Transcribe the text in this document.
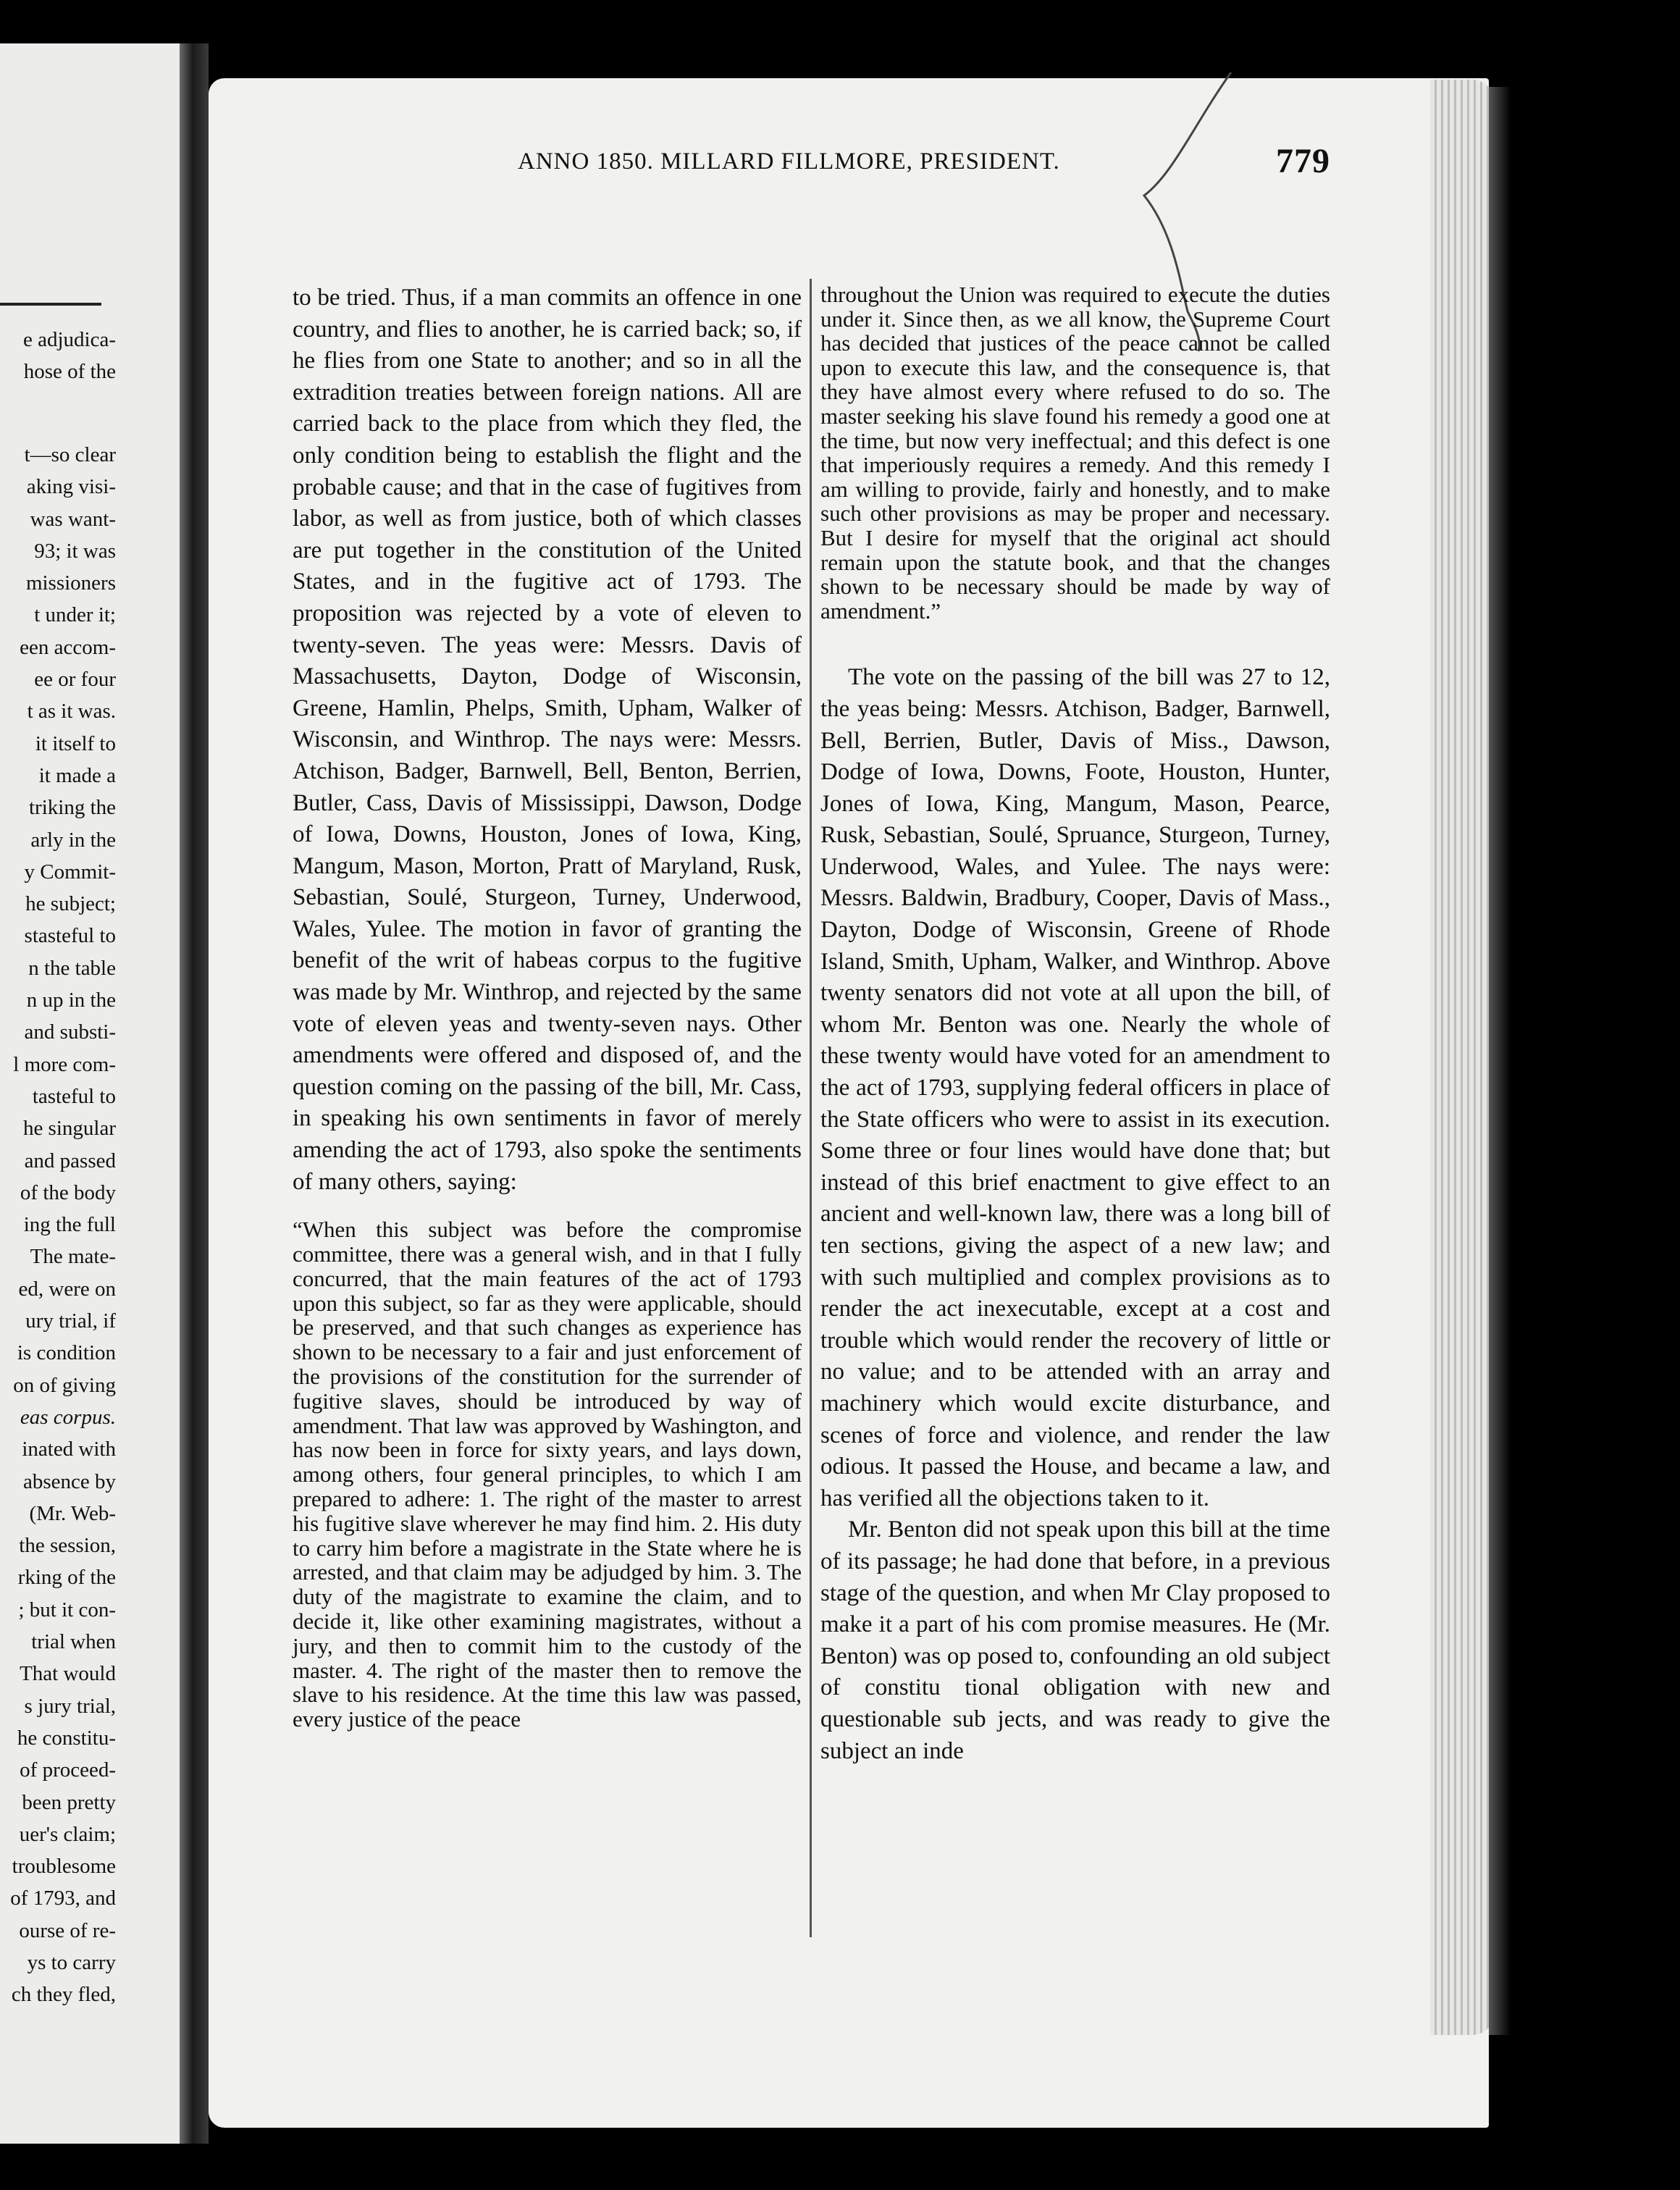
e adjudica-
hose of the
t—so clear
aking visi-
was want-
93; it was
missioners
t under it;
een accom-
ee or four
t as it was.
it itself to
it made a
triking the
arly in the
y Commit-
he subject;
stasteful to
n the table
n up in the
and substi-
l more com-
tasteful to
he singular
and passed
of the body
ing the full
The mate-
ed, were on
ury trial, if
is condition
on of giving
eas corpus.
inated with
absence by
(Mr. Web-
the session,
rking of the
; but it con-
trial when
That would
s jury trial,
he constitu-
of proceed-
been pretty
uer's claim;
troublesome
of 1793, and
ourse of re-
ys to carry
ch they fled,
ANNO 1850. MILLARD FILLMORE, PRESIDENT.	779

to be tried. Thus, if a man commits an offence in one country, and flies to another, he is carried back; so, if he flies from one State to another; and so in all the extradition treaties between foreign nations. All are carried back to the place from which they fled, the only condition being to establish the flight and the probable cause; and that in the case of fugitives from labor, as well as from justice, both of which classes are put together in the constitution of the United States, and in the fugitive act of 1793. The proposition was rejected by a vote of eleven to twenty-seven. The yeas were: Messrs. Davis of Massachusetts, Dayton, Dodge of Wisconsin, Greene, Hamlin, Phelps, Smith, Upham, Walker of Wisconsin, and Winthrop. The nays were: Messrs. Atchison, Badger, Barnwell, Bell, Benton, Berrien, Butler, Cass, Davis of Mississippi, Dawson, Dodge of Iowa, Downs, Houston, Jones of Iowa, King, Mangum, Mason, Morton, Pratt of Maryland, Rusk, Sebastian, Soulé, Sturgeon, Turney, Underwood, Wales, Yulee. The motion in favor of granting the benefit of the writ of habeas corpus to the fugitive was made by Mr. Winthrop, and rejected by the same vote of eleven yeas and twenty-seven nays. Other amendments were offered and disposed of, and the question coming on the passing of the bill, Mr. Cass, in speaking his own sentiments in favor of merely amending the act of 1793, also spoke the sentiments of many others, saying:

“When this subject was before the compromise committee, there was a general wish, and in that I fully concurred, that the main features of the act of 1793 upon this subject, so far as they were applicable, should be preserved, and that such changes as experience has shown to be necessary to a fair and just enforcement of the provisions of the constitution for the surrender of fugitive slaves, should be introduced by way of amendment. That law was approved by Washington, and has now been in force for sixty years, and lays down, among others, four general principles, to which I am prepared to adhere: 1. The right of the master to arrest his fugitive slave wherever he may find him. 2. His duty to carry him before a magistrate in the State where he is arrested, and that claim may be adjudged by him. 3. The duty of the magistrate to examine the claim, and to decide it, like other examining magistrates, without a jury, and then to commit him to the custody of the master. 4. The right of the master then to remove the slave to his residence. At the time this law was passed, every justice of the peace

throughout the Union was required to execute the duties under it. Since then, as we all know, the Supreme Court has decided that justices of the peace cannot be called upon to execute this law, and the consequence is, that they have almost every where refused to do so. The master seeking his slave found his remedy a good one at the time, but now very ineffectual; and this defect is one that imperiously requires a remedy. And this remedy I am willing to provide, fairly and honestly, and to make such other provisions as may be proper and necessary. But I desire for myself that the original act should remain upon the statute book, and that the changes shown to be necessary should be made by way of amendment.”

The vote on the passing of the bill was 27 to 12, the yeas being: Messrs. Atchison, Badger, Barnwell, Bell, Berrien, Butler, Davis of Miss., Dawson, Dodge of Iowa, Downs, Foote, Houston, Hunter, Jones of Iowa, King, Mangum, Mason, Pearce, Rusk, Sebastian, Soulé, Spruance, Sturgeon, Turney, Underwood, Wales, and Yulee. The nays were: Messrs. Baldwin, Bradbury, Cooper, Davis of Mass., Dayton, Dodge of Wisconsin, Greene of Rhode Island, Smith, Upham, Walker, and Winthrop. Above twenty senators did not vote at all upon the bill, of whom Mr. Benton was one. Nearly the whole of these twenty would have voted for an amendment to the act of 1793, supplying federal officers in place of the State officers who were to assist in its execution. Some three or four lines would have done that; but instead of this brief enactment to give effect to an ancient and well-known law, there was a long bill of ten sections, giving the aspect of a new law; and with such multiplied and complex provisions as to render the act inexecutable, except at a cost and trouble which would render the recovery of little or no value; and to be attended with an array and machinery which would excite disturbance, and scenes of force and violence, and render the law odious. It passed the House, and became a law, and has verified all the objections taken to it.

Mr. Benton did not speak upon this bill at the time of its passage; he had done that before, in a previous stage of the question, and when Mr Clay proposed to make it a part of his com promise measures. He (Mr. Benton) was op posed to, confounding an old subject of constitu tional obligation with new and questionable sub jects, and was ready to give the subject an inde
